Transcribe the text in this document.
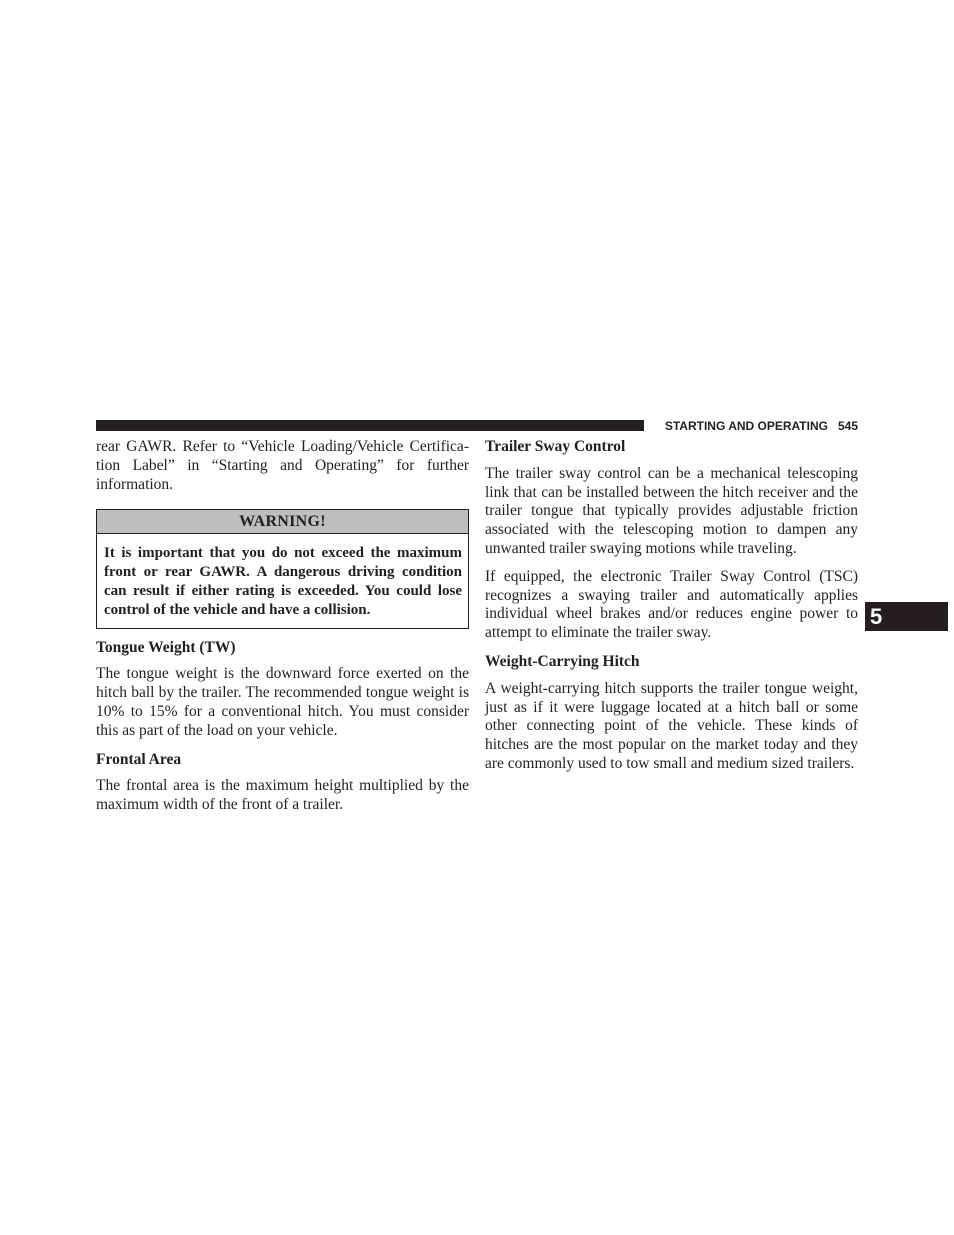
STARTING AND OPERATING 545

rear GAWR. Refer to “Vehicle Loading/Vehicle Certification Label” in “Starting and Operating” for further information.

WARNING!
It is important that you do not exceed the maximum front or rear GAWR. A dangerous driving condition can result if either rating is exceeded. You could lose control of the vehicle and have a collision.
Tongue Weight (TW)

The tongue weight is the downward force exerted on the hitch ball by the trailer. The recommended tongue weight is 10% to 15% for a conventional hitch. You must consider this as part of the load on your vehicle.

Frontal Area

The frontal area is the maximum height multiplied by the maximum width of the front of a trailer.

Trailer Sway Control

The trailer sway control can be a mechanical telescoping link that can be installed between the hitch receiver and the trailer tongue that typically provides adjustable friction associated with the telescoping motion to dampen any unwanted trailer swaying motions while traveling.

If equipped, the electronic Trailer Sway Control (TSC) recognizes a swaying trailer and automatically applies individual wheel brakes and/or reduces engine power to attempt to eliminate the trailer sway.

Weight-Carrying Hitch

A weight-carrying hitch supports the trailer tongue weight, just as if it were luggage located at a hitch ball or some other connecting point of the vehicle. These kinds of hitches are the most popular on the market today and they are commonly used to tow small and medium sized trailers.

5
